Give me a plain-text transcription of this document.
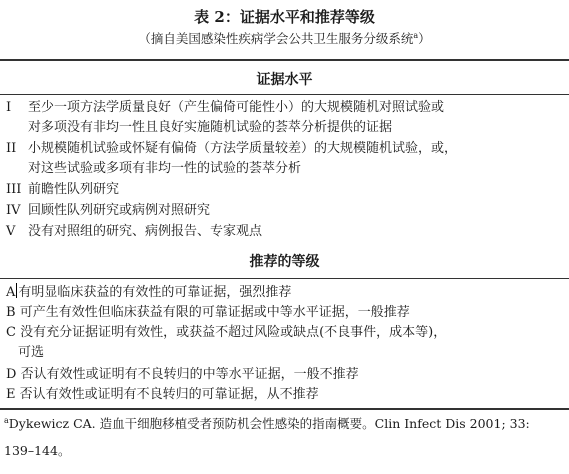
表 2：证据水平和推荐等级
（摘自美国感染性疾病学会公共卫生服务分级系统$^a$）
证据水平
I 至少一项方法学质量良好（产生偏倚可能性小）的大规模随机对照试验或
对多项没有非均一性且良好实施随机试验的荟萃分析提供的证据
II 小规模随机试验或怀疑有偏倚（方法学质量较差）的大规模随机试验，或，
对这些试验或多项有非均一性的试验的荟萃分析
III 前瞻性队列研究
IV 回顾性队列研究或病例对照研究
V 没有对照组的研究、病例报告、专家观点
推荐的等级
A 有明显临床获益的有效性的可靠证据，强烈推荐
B 可产生有效性但临床获益有限的可靠证据或中等水平证据，一般推荐
C 没有充分证据证明有效性，或获益不超过风险或缺点(不良事件，成本等)，
可选
D 否认有效性或证明有不良转归的中等水平证据，一般不推荐
E 否认有效性或证明有不良转归的可靠证据，从不推荐
$^a$Dykewicz CA. 造血干细胞移植受者预防机会性感染的指南概要。Clin Infect Dis 2001; 33:
139–144。
